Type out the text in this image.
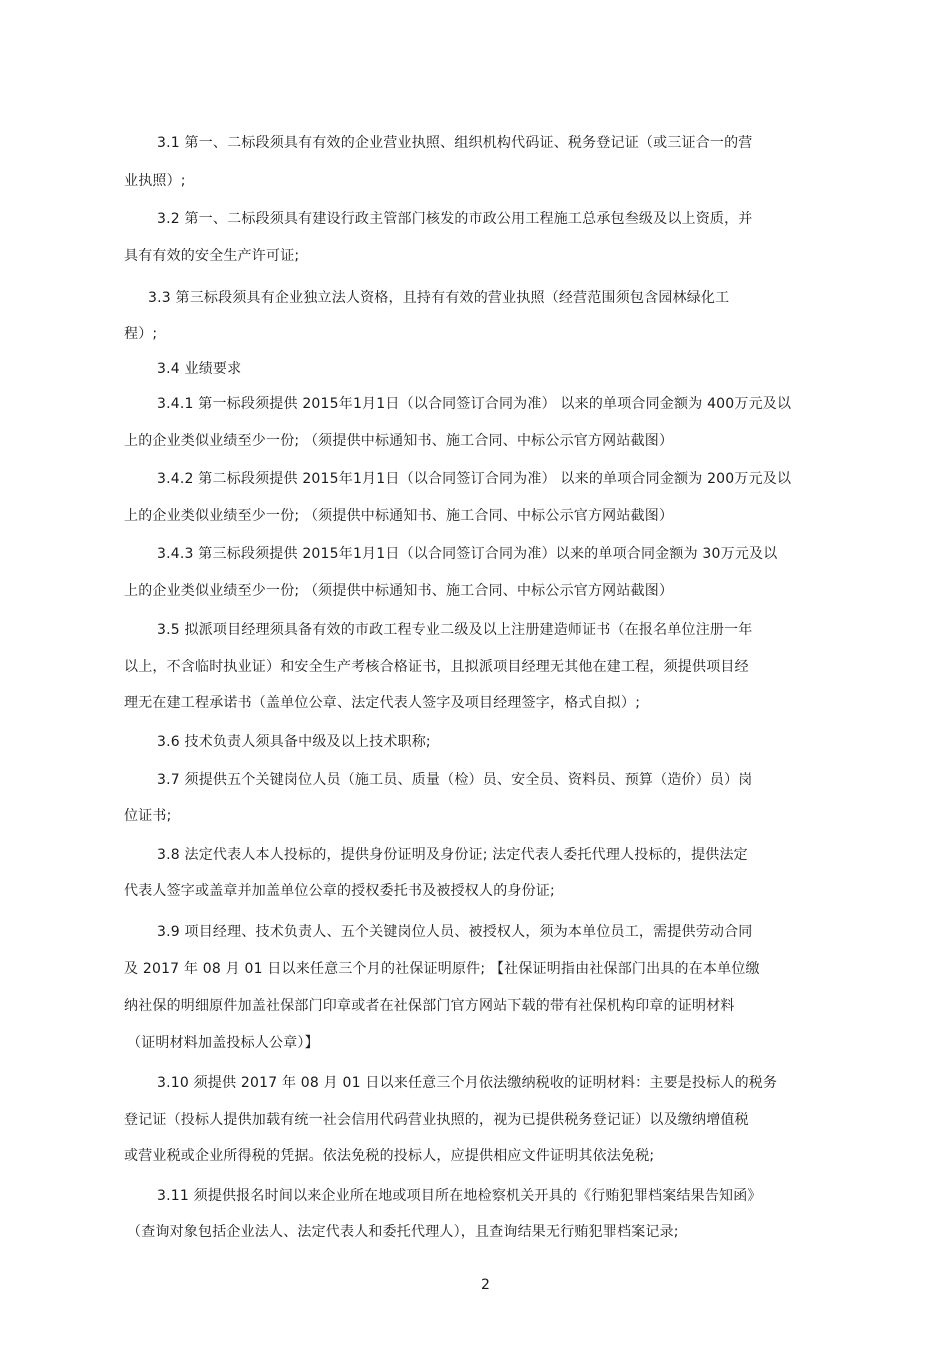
3.1 第一、二标段须具有有效的企业营业执照、组织机构代码证、税务登记证（或三证合一的营
业执照）;
3.2 第一、二标段须具有建设行政主管部门核发的市政公用工程施工总承包叁级及以上资质，并
具有有效的安全生产许可证;
3.3 第三标段须具有企业独立法人资格，且持有有效的营业执照（经营范围须包含园林绿化工
程）;
3.4 业绩要求
3.4.1 第一标段须提供 2015年1月1日（以合同签订合同为准） 以来的单项合同金额为 400万元及以
上的企业类似业绩至少一份; （须提供中标通知书、施工合同、中标公示官方网站截图）
3.4.2 第二标段须提供 2015年1月1日（以合同签订合同为准） 以来的单项合同金额为 200万元及以
上的企业类似业绩至少一份; （须提供中标通知书、施工合同、中标公示官方网站截图）
3.4.3 第三标段须提供 2015年1月1日（以合同签订合同为准）以来的单项合同金额为 30万元及以
上的企业类似业绩至少一份; （须提供中标通知书、施工合同、中标公示官方网站截图）
3.5 拟派项目经理须具备有效的市政工程专业二级及以上注册建造师证书（在报名单位注册一年
以上，不含临时执业证）和安全生产考核合格证书，且拟派项目经理无其他在建工程，须提供项目经
理无在建工程承诺书（盖单位公章、法定代表人签字及项目经理签字，格式自拟）;
3.6 技术负责人须具备中级及以上技术职称;
3.7 须提供五个关键岗位人员（施工员、质量（检）员、安全员、资料员、预算（造价）员）岗
位证书;
3.8 法定代表人本人投标的，提供身份证明及身份证; 法定代表人委托代理人投标的，提供法定
代表人签字或盖章并加盖单位公章的授权委托书及被授权人的身份证;
3.9 项目经理、技术负责人、五个关键岗位人员、被授权人，须为本单位员工，需提供劳动合同
及 2017 年 08 月 01 日以来任意三个月的社保证明原件; 【社保证明指由社保部门出具的在本单位缴
纳社保的明细原件加盖社保部门印章或者在社保部门官方网站下载的带有社保机构印章的证明材料
（证明材料加盖投标人公章）】
3.10 须提供 2017 年 08 月 01 日以来任意三个月依法缴纳税收的证明材料：主要是投标人的税务
登记证（投标人提供加载有统一社会信用代码营业执照的，视为已提供税务登记证）以及缴纳增值税
或营业税或企业所得税的凭据。依法免税的投标人，应提供相应文件证明其依法免税;
3.11 须提供报名时间以来企业所在地或项目所在地检察机关开具的《行贿犯罪档案结果告知函》
（查询对象包括企业法人、法定代表人和委托代理人），且查询结果无行贿犯罪档案记录;
2
